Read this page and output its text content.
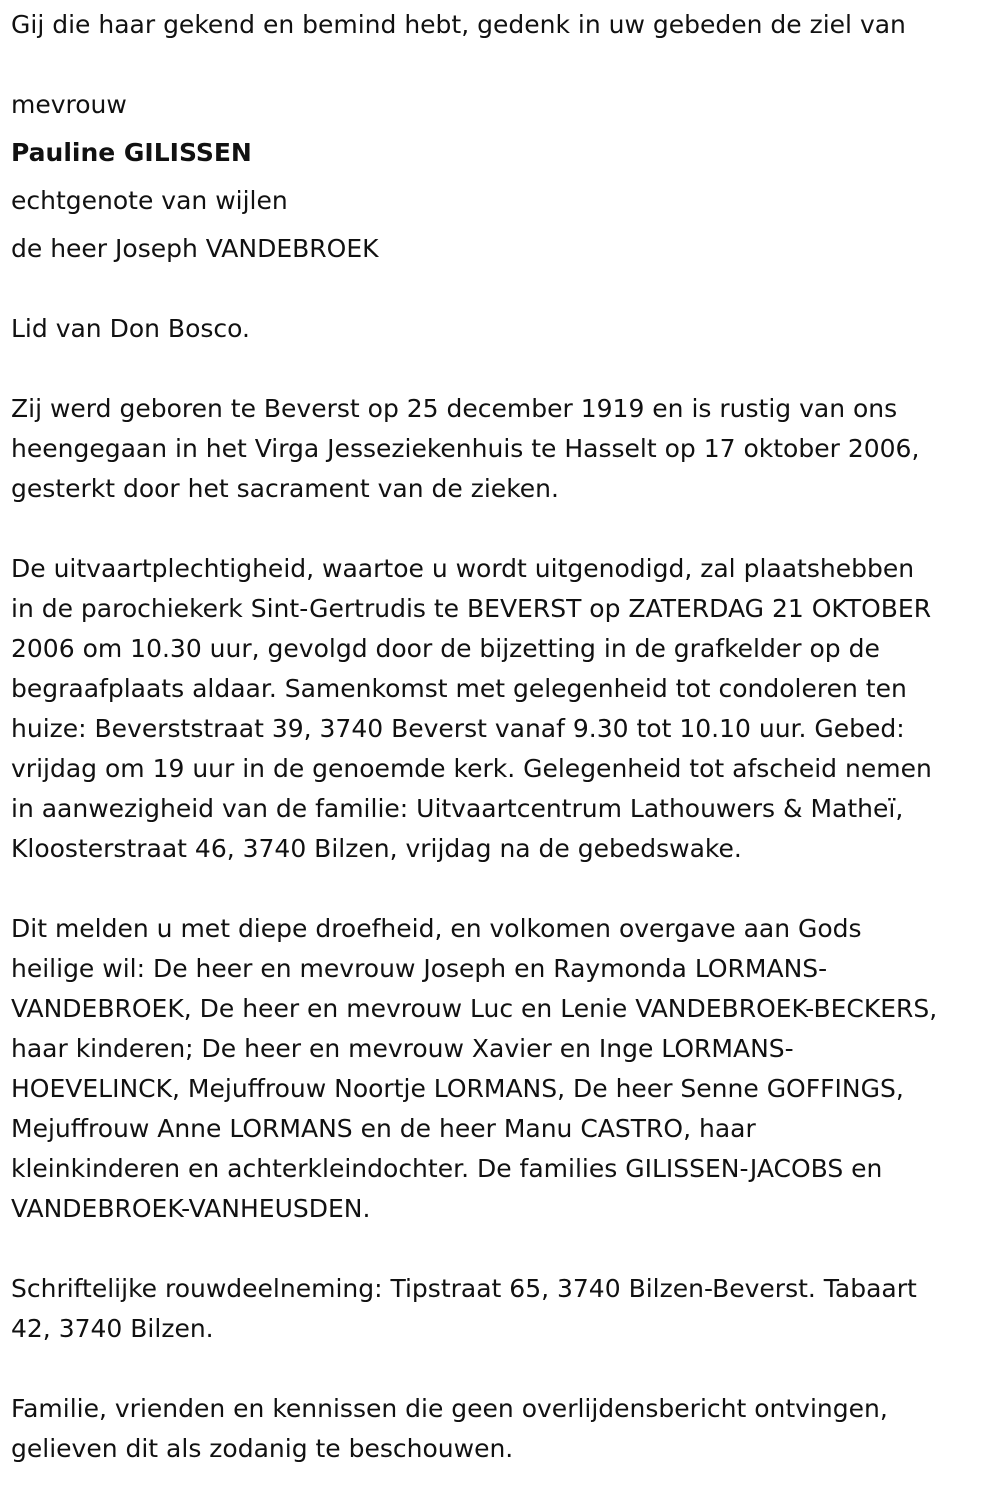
Gij die haar gekend en bemind hebt, gedenk in uw gebeden de ziel van

mevrouw

Pauline GILISSEN

echtgenote van wijlen

de heer Joseph VANDEBROEK

Lid van Don Bosco.

Zij werd geboren te Beverst op 25 december 1919 en is rustig van ons

heengegaan in het Virga Jesseziekenhuis te Hasselt op 17 oktober 2006,

gesterkt door het sacrament van de zieken.

De uitvaartplechtigheid, waartoe u wordt uitgenodigd, zal plaatshebben

in de parochiekerk Sint-Gertrudis te BEVERST op ZATERDAG 21 OKTOBER

2006 om 10.30 uur, gevolgd door de bijzetting in de grafkelder op de

begraafplaats aldaar. Samenkomst met gelegenheid tot condoleren ten

huize: Beverststraat 39, 3740 Beverst vanaf 9.30 tot 10.10 uur. Gebed:

vrijdag om 19 uur in de genoemde kerk. Gelegenheid tot afscheid nemen

in aanwezigheid van de familie: Uitvaartcentrum Lathouwers & Matheï,

Kloosterstraat 46, 3740 Bilzen, vrijdag na de gebedswake.

Dit melden u met diepe droefheid, en volkomen overgave aan Gods

heilige wil: De heer en mevrouw Joseph en Raymonda LORMANS-

VANDEBROEK, De heer en mevrouw Luc en Lenie VANDEBROEK-BECKERS,

haar kinderen; De heer en mevrouw Xavier en Inge LORMANS-

HOEVELINCK, Mejuffrouw Noortje LORMANS, De heer Senne GOFFINGS,

Mejuffrouw Anne LORMANS en de heer Manu CASTRO, haar

kleinkinderen en achterkleindochter. De families GILISSEN-JACOBS en

VANDEBROEK-VANHEUSDEN.

Schriftelijke rouwdeelneming: Tipstraat 65, 3740 Bilzen-Beverst. Tabaart

42, 3740 Bilzen.

Familie, vrienden en kennissen die geen overlijdensbericht ontvingen,

gelieven dit als zodanig te beschouwen.
